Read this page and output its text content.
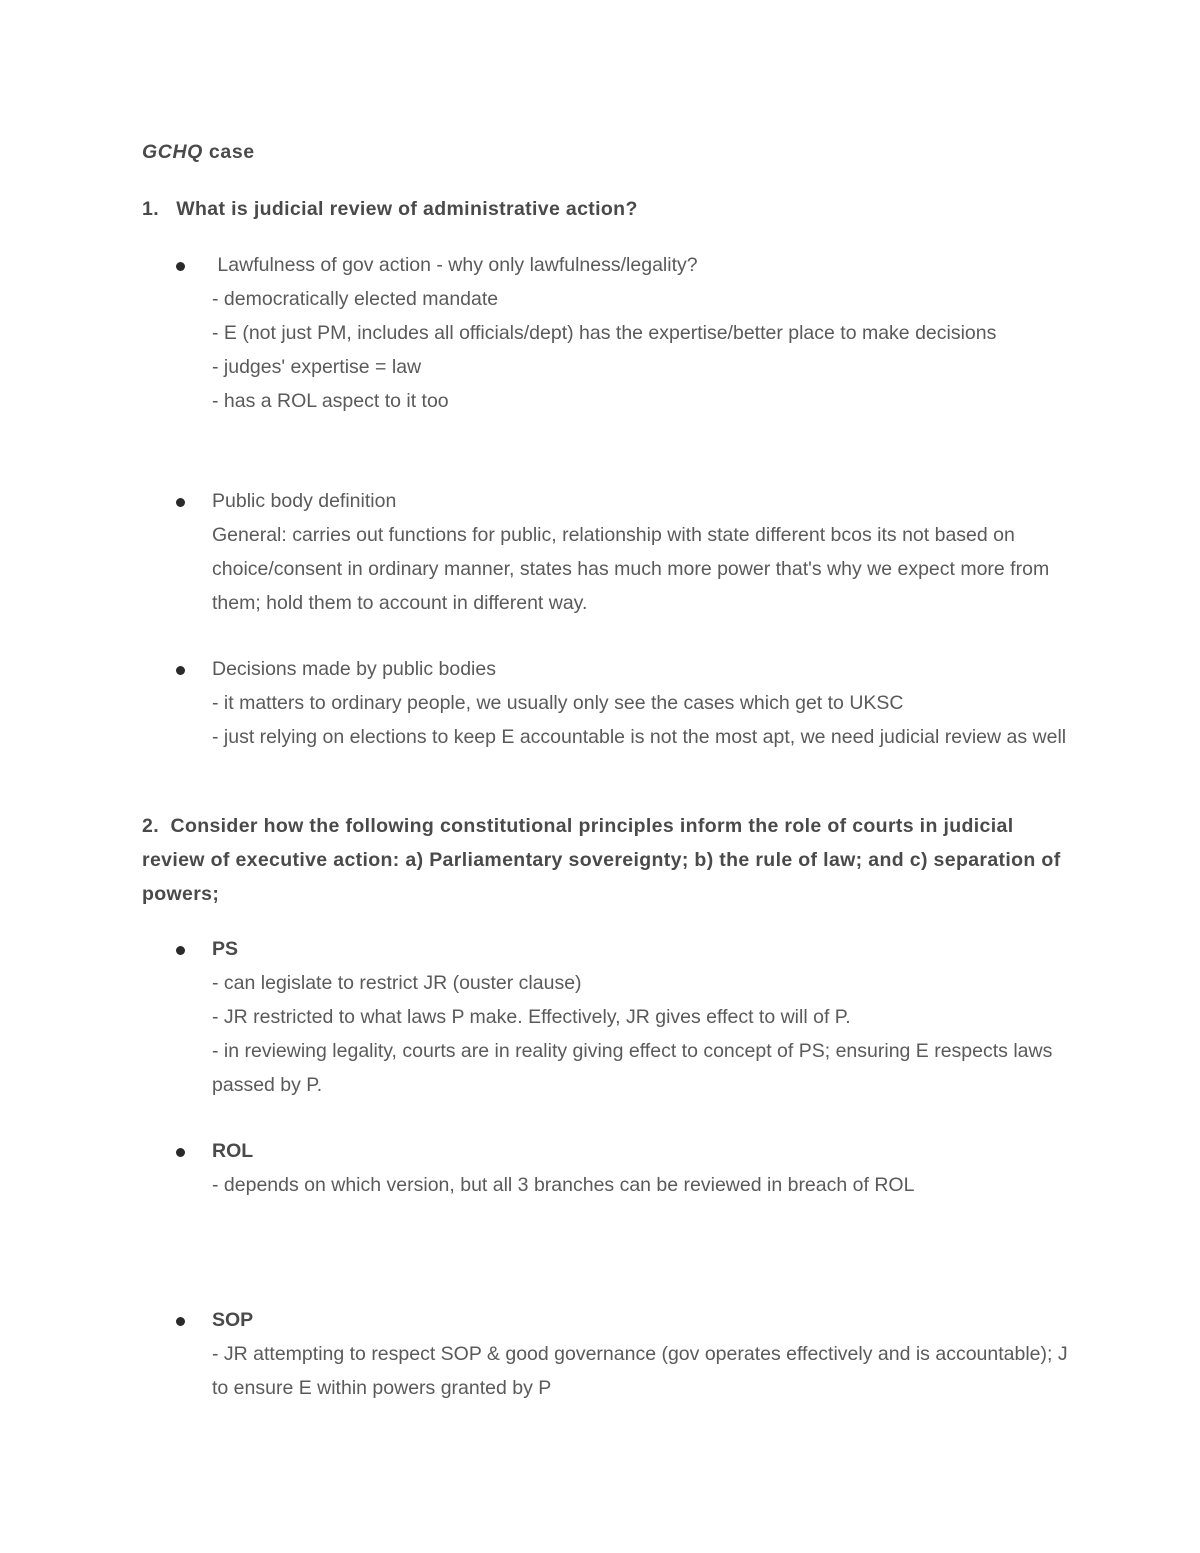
GCHQ case
1. What is judicial review of administrative action?
Lawfulness of gov action - why only lawfulness/legality?
- democratically elected mandate
- E (not just PM, includes all officials/dept) has the expertise/better place to make decisions
- judges' expertise = law
- has a ROL aspect to it too
Public body definition
General: carries out functions for public, relationship with state different bcos its not based on choice/consent in ordinary manner, states has much more power that's why we expect more from them; hold them to account in different way.
Decisions made by public bodies
- it matters to ordinary people, we usually only see the cases which get to UKSC
- just relying on elections to keep E accountable is not the most apt, we need judicial review as well
2. Consider how the following constitutional principles inform the role of courts in judicial review of executive action: a) Parliamentary sovereignty; b) the rule of law; and c) separation of powers;
PS
- can legislate to restrict JR (ouster clause)
- JR restricted to what laws P make. Effectively, JR gives effect to will of P.
- in reviewing legality, courts are in reality giving effect to concept of PS; ensuring E respects laws passed by P.
ROL
- depends on which version, but all 3 branches can be reviewed in breach of ROL
SOP
- JR attempting to respect SOP & good governance (gov operates effectively and is accountable); J to ensure E within powers granted by P
